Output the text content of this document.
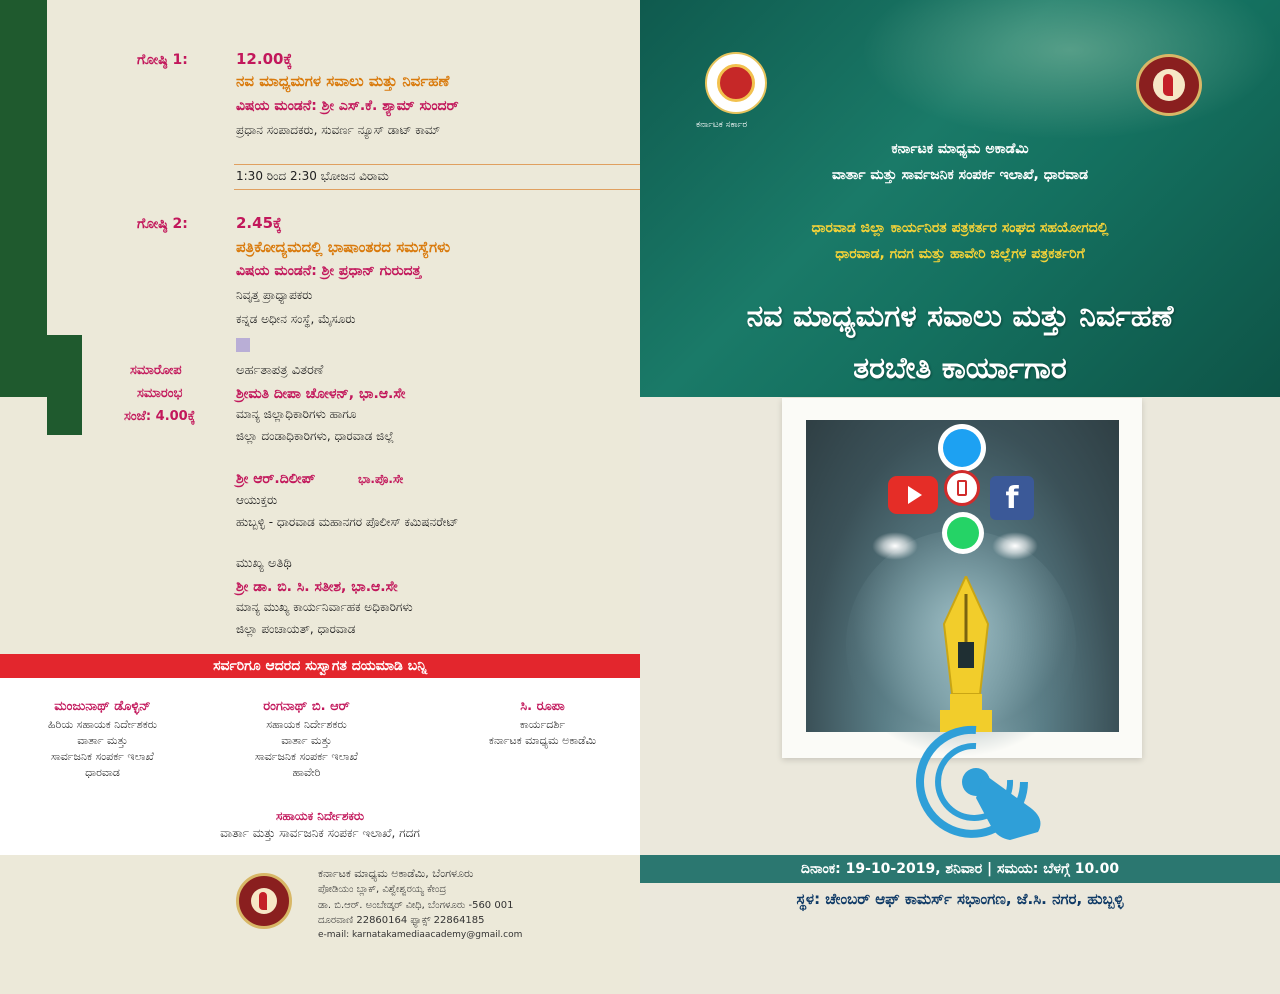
ಗೋಷ್ಠಿ 1:	12.00ಕ್ಕೆ
ನವ ಮಾಧ್ಯಮಗಳ ಸವಾಲು ಮತ್ತು ನಿರ್ವಹಣೆ
ವಿಷಯ ಮಂಡನೆ: ಶ್ರೀ ಎಸ್.ಕೆ. ಶ್ಯಾಮ್ ಸುಂದರ್
ಪ್ರಧಾನ ಸಂಪಾದಕರು, ಸುವರ್ಣ ನ್ಯೂಸ್ ಡಾಟ್ ಕಾಮ್
1:30 ರಿಂದ 2:30 ಭೋಜನ ವಿರಾಮ
ಗೋಷ್ಠಿ 2:	2.45ಕ್ಕೆ
ಪತ್ರಿಕೋದ್ಯಮದಲ್ಲಿ ಭಾಷಾಂತರದ ಸಮಸ್ಯೆಗಳು
ವಿಷಯ ಮಂಡನೆ: ಶ್ರೀ ಪ್ರಧಾನ್ ಗುರುದತ್ತ
ನಿವೃತ್ತ ಪ್ರಾಧ್ಯಾಪಕರು
ಕನ್ನಡ ಅಧೀನ ಸಂಸ್ಥೆ, ಮೈಸೂರು
ಸಮಾರೋಪ
ಸಮಾರಂಭ
ಸಂಜೆ: 4.00ಕ್ಕೆ
ಅರ್ಹತಾಪತ್ರ ವಿತರಣೆ
ಶ್ರೀಮತಿ ದೀಪಾ ಚೋಳನ್, ಭಾ.ಆ.ಸೇ
ಮಾನ್ಯ ಜಿಲ್ಲಾಧಿಕಾರಿಗಳು ಹಾಗೂ
ಜಿಲ್ಲಾ ದಂಡಾಧಿಕಾರಿಗಳು, ಧಾರವಾಡ ಜಿಲ್ಲೆ
ಶ್ರೀ ಆರ್.ದಿಲೀಪ್	ಭಾ.ಪೊ.ಸೇ
ಆಯುಕ್ತರು
ಹುಬ್ಬಳ್ಳಿ - ಧಾರವಾಡ ಮಹಾನಗರ ಪೊಲೀಸ್ ಕಮಿಷನರೇಟ್
ಮುಖ್ಯ ಅತಿಥಿ
ಶ್ರೀ ಡಾ. ಬಿ. ಸಿ. ಸತೀಶ, ಭಾ.ಆ.ಸೇ
ಮಾನ್ಯ ಮುಖ್ಯ ಕಾರ್ಯನಿರ್ವಾಹಕ ಅಧಿಕಾರಿಗಳು
ಜಿಲ್ಲಾ ಪಂಚಾಯತ್, ಧಾರವಾಡ
ಸರ್ವರಿಗೂ ಆದರದ ಸುಸ್ವಾಗತ ದಯಮಾಡಿ ಬನ್ನಿ
ಮಂಜುನಾಥ್ ಡೊಳ್ಳಿನ್
ಹಿರಿಯ ಸಹಾಯಕ ನಿರ್ದೇಶಕರು
ವಾರ್ತಾ ಮತ್ತು
ಸಾರ್ವಜನಿಕ ಸಂಪರ್ಕ ಇಲಾಖೆ
ಧಾರವಾಡ
ರಂಗನಾಥ್ ಬಿ. ಆರ್
ಸಹಾಯಕ ನಿರ್ದೇಶಕರು
ವಾರ್ತಾ ಮತ್ತು
ಸಾರ್ವಜನಿಕ ಸಂಪರ್ಕ ಇಲಾಖೆ
ಹಾವೇರಿ
ಸಿ. ರೂಪಾ
ಕಾರ್ಯದರ್ಶಿ
ಕರ್ನಾಟಕ ಮಾಧ್ಯಮ ಅಕಾಡೆಮಿ
ಸಹಾಯಕ ನಿರ್ದೇಶಕರು
ವಾರ್ತಾ ಮತ್ತು ಸಾರ್ವಜನಿಕ ಸಂಪರ್ಕ ಇಲಾಖೆ, ಗದಗ
ಕರ್ನಾಟಕ ಮಾಧ್ಯಮ ಅಕಾಡೆಮಿ, ಬೆಂಗಳೂರು
ಪೋಡಿಯಂ ಬ್ಲಾಕ್, ವಿಶ್ವೇಶ್ವರಯ್ಯ ಕೇಂದ್ರ
ಡಾ. ಬಿ.ಆರ್. ಅಂಬೇಡ್ಕರ್ ವೀಧಿ, ಬೆಂಗಳೂರು -560 001
ದೂರವಾಣಿ 22860164 ಫ್ಯಾಕ್ಸ್ 22864185
e-mail: karnatakamediaacademy@gmail.com
ಕರ್ನಾಟಕ ಸರ್ಕಾರ
ಕರ್ನಾಟಕ ಮಾಧ್ಯಮ ಅಕಾಡೆಮಿ
ವಾರ್ತಾ ಮತ್ತು ಸಾರ್ವಜನಿಕ ಸಂಪರ್ಕ ಇಲಾಖೆ, ಧಾರವಾಡ
ಧಾರವಾಡ ಜಿಲ್ಲಾ ಕಾರ್ಯನಿರತ ಪತ್ರಕರ್ತರ ಸಂಘದ ಸಹಯೋಗದಲ್ಲಿ
ಧಾರವಾಡ, ಗದಗ ಮತ್ತು ಹಾವೇರಿ ಜಿಲ್ಲೆಗಳ ಪತ್ರಕರ್ತರಿಗೆ
ನವ ಮಾಧ್ಯಮಗಳ ಸವಾಲು ಮತ್ತು ನಿರ್ವಹಣೆ
ತರಬೇತಿ ಕಾರ್ಯಾಗಾರ
f
ದಿನಾಂಕ: 19-10-2019, ಶನಿವಾರ | ಸಮಯ: ಬೆಳಗ್ಗೆ 10.00
ಸ್ಥಳ: ಚೇಂಬರ್ ಆಫ್ ಕಾಮರ್ಸ್ ಸಭಾಂಗಣ, ಜೆ.ಸಿ. ನಗರ, ಹುಬ್ಬಳ್ಳಿ
